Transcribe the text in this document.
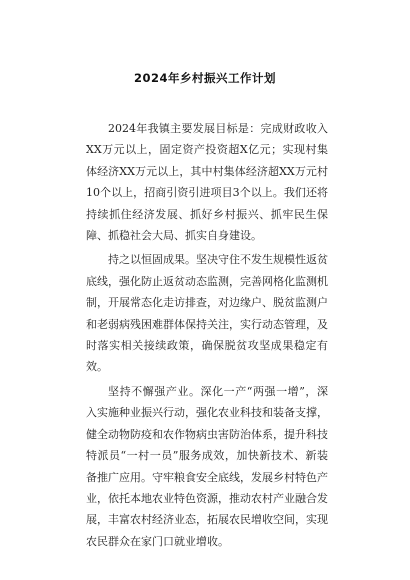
2024年乡村振兴工作计划

2024年我镇主要发展目标是：完成财政收入XX万元以上，固定资产投资超X亿元；实现村集体经济XX万元以上，其中村集体经济超XX万元村10个以上，招商引资引进项目3个以上。我们还将持续抓住经济发展、抓好乡村振兴、抓牢民生保障、抓稳社会大局、抓实自身建设。

持之以恒固成果。坚决守住不发生规模性返贫底线，强化防止返贫动态监测，完善网格化监测机制，开展常态化走访排查，对边缘户、脱贫监测户和老弱病残困难群体保持关注，实行动态管理，及时落实相关接续政策，确保脱贫攻坚成果稳定有效。

坚持不懈强产业。深化一产“两强一增”，深入实施种业振兴行动，强化农业科技和装备支撑，健全动物防疫和农作物病虫害防治体系，提升科技特派员“一村一员”服务成效，加快新技术、新装备推广应用。守牢粮食安全底线，发展乡村特色产业，依托本地农业特色资源，推动农村产业融合发展，丰富农村经济业态，拓展农民增收空间，实现农民群众在家门口就业增收。
